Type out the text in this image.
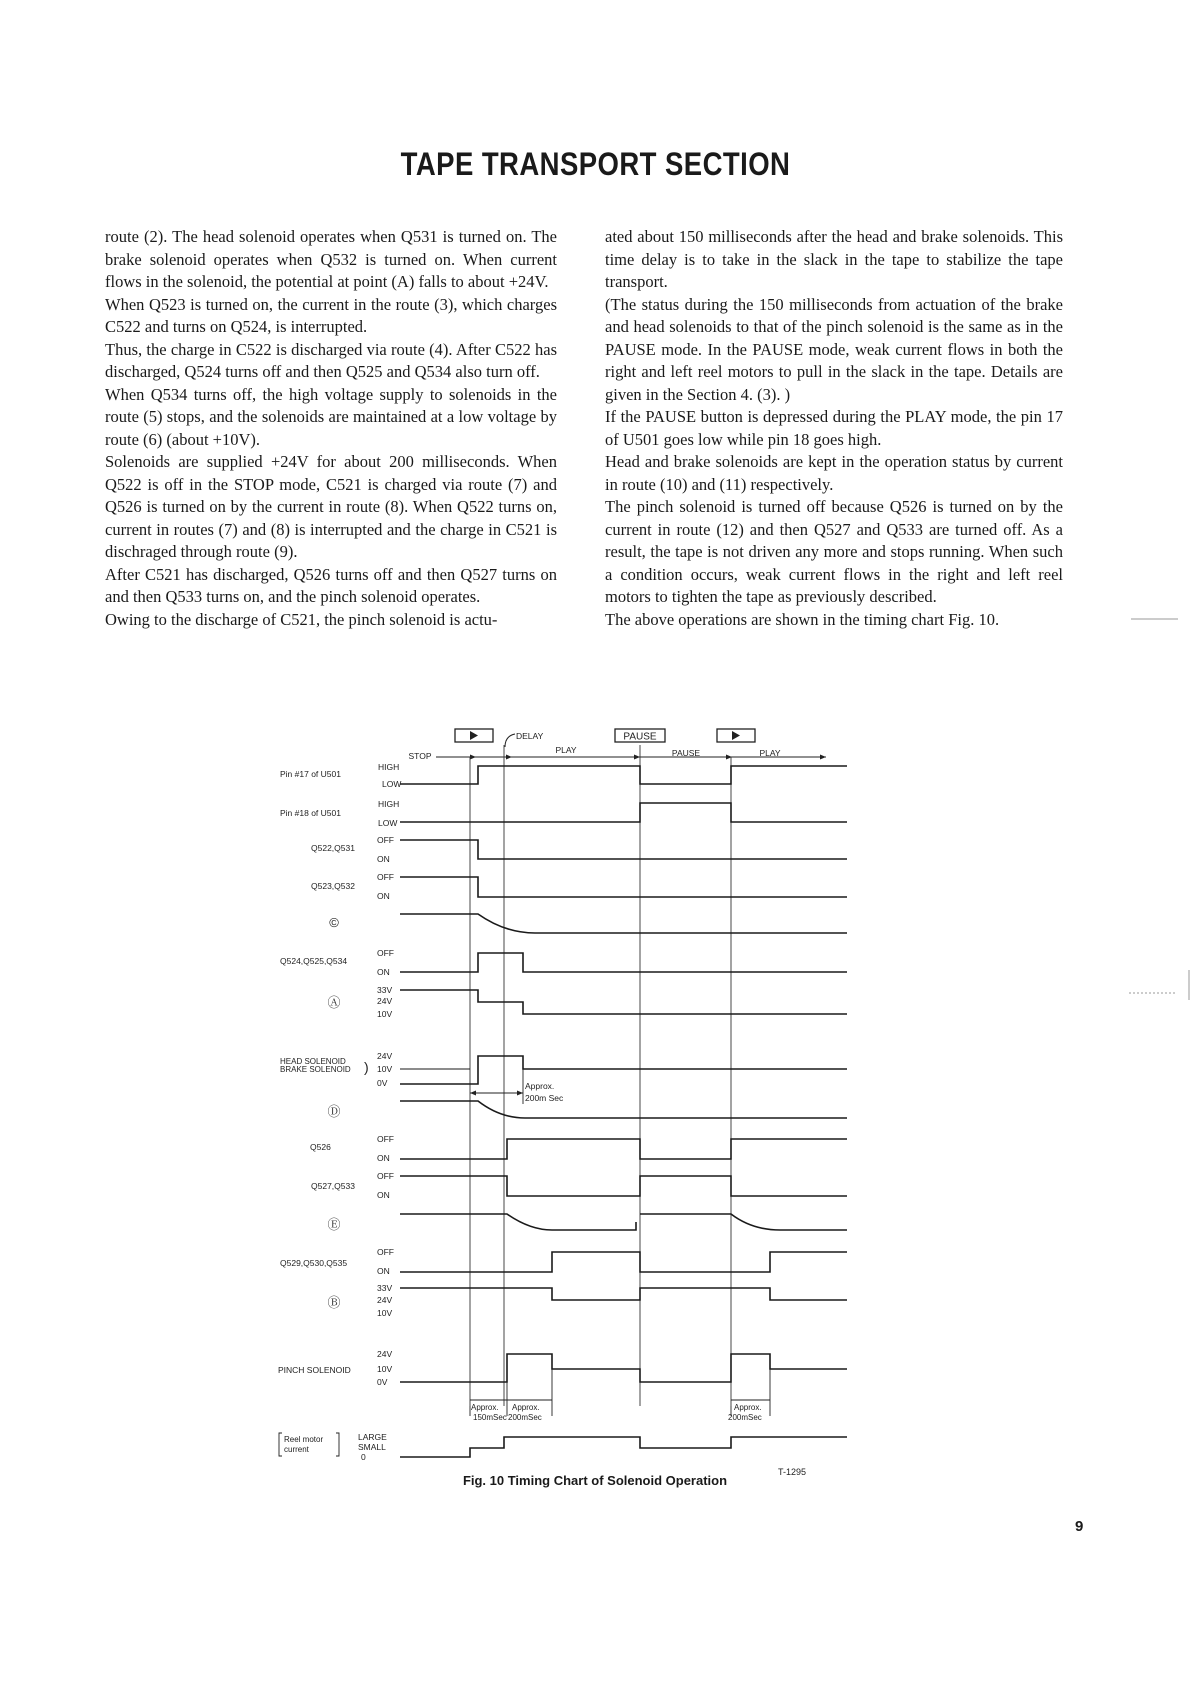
TAPE TRANSPORT SECTION

route (2). The head solenoid operates when Q531 is turned on. The brake solenoid operates when Q532 is turned on. When current flows in the solenoid, the potential at point (A) falls to about +24V.

When Q523 is turned on, the current in the route (3), which charges C522 and turns on Q524, is interrupted.

Thus, the charge in C522 is discharged via route (4). After C522 has discharged, Q524 turns off and then Q525 and Q534 also turn off.

When Q534 turns off, the high voltage supply to solenoids in the route (5) stops, and the solenoids are maintained at a low voltage by route (6) (about +10V).

Solenoids are supplied +24V for about 200 milliseconds. When Q522 is off in the STOP mode, C521 is charged via route (7) and Q526 is turned on by the current in route (8). When Q522 turns on, current in routes (7) and (8) is interrupted and the charge in C521 is dischraged through route (9).

After C521 has discharged, Q526 turns off and then Q527 turns on and then Q533 turns on, and the pinch solenoid operates.

Owing to the discharge of C521, the pinch solenoid is actu-

ated about 150 milliseconds after the head and brake solenoids. This time delay is to take in the slack in the tape to stabilize the tape transport.

(The status during the 150 milliseconds from actuation of the brake and head solenoids to that of the pinch solenoid is the same as in the PAUSE mode. In the PAUSE mode, weak current flows in both the right and left reel motors to pull in the slack in the tape. Details are given in the Section 4. (3). )

If the PAUSE button is depressed during the PLAY mode, the pin 17 of U501 goes low while pin 18 goes high.

Head and brake solenoids are kept in the operation status by current in route (10) and (11) respectively.

The pinch solenoid is turned off because Q526 is turned on by the current in route (12) and then Q527 and Q533 are turned off. As a result, the tape is not driven any more and stops running. When such a condition occurs, weak current flows in the right and left reel motors to tighten the tape as previously described.

The above operations are shown in the timing chart Fig. 10.

PAUSE
DELAY
STOP
PLAY	PAUSE	PLAY
Pin #17 of U501
HIGH
LOW
Pin #18 of U501
HIGH
LOW
Q522,Q531
OFF
ON
Q523,Q532
OFF
ON
©
Q524,Q525,Q534
OFF
ON
Ⓐ
33V
24V
10V
HEAD SOLENOID
BRAKE SOLENOID )
24V
10V
0V
Ⓓ
Q526
OFF
ON
Q527,Q533
OFF
ON
Ⓔ
Q529,Q530,Q535
OFF
ON
Ⓑ
33V
24V
10V
PINCH SOLENOID
24V
10V
0V
Reel motor
current
LARGE
SMALL
0
Approx.
200m Sec
Approx.
150mSec
Approx.
200mSec
Approx.
200mSec
T-1295
Fig. 10 Timing Chart of Solenoid Operation
9
